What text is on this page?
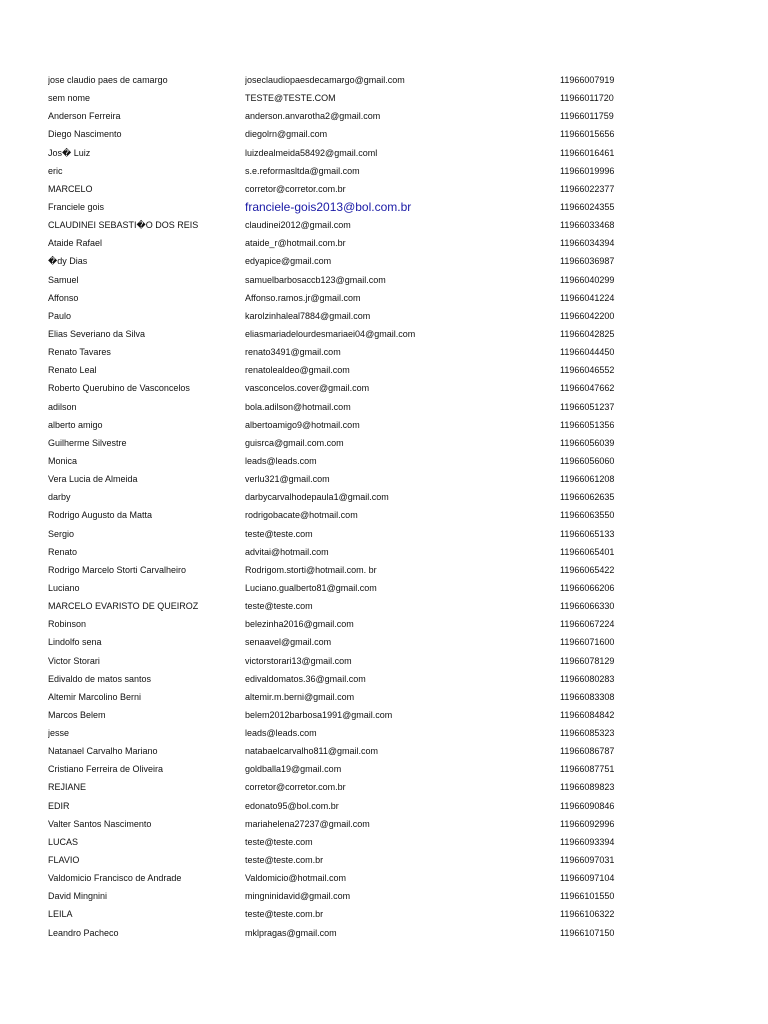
jose claudio paes de camargo	joseclaudiopaesdecamargo@gmail.com	11966007919
sem nome	TESTE@TESTE.COM	11966011720
Anderson Ferreira	anderson.anvarotha2@gmail.com	11966011759
Diego Nascimento	diegolrn@gmail.com	11966015656
Jos� Luiz	luizdealmeida58492@gmail.coml	11966016461
eric	s.e.reformasltda@gmail.com	11966019996
MARCELO	corretor@corretor.com.br	11966022377
Franciele gois	franciele-gois2013@bol.com.br	11966024355
CLAUDINEI SEBASTI�O DOS REIS	claudinei2012@gmail.com	11966033468
Ataide Rafael	ataide_r@hotmail.com.br	11966034394
�dy Dias	edyapice@gmail.com	11966036987
Samuel	samuelbarbosaccb123@gmail.com	11966040299
Affonso	Affonso.ramos.jr@gmail.com	11966041224
Paulo	karolzinhaleal7884@gmail.com	11966042200
Elias Severiano da Silva	eliasmariadelourdesmariaei04@gmail.com	11966042825
Renato Tavares	renato3491@gmail.com	11966044450
Renato Leal	renatolealdeo@gmail.com	11966046552
Roberto Querubino de Vasconcelos	vasconcelos.cover@gmail.com	11966047662
adilson	bola.adilson@hotmail.com	11966051237
alberto amigo	albertoamigo9@hotmail.com	11966051356
Guilherme Silvestre	guisrca@gmail.com.com	11966056039
Monica	leads@leads.com	11966056060
Vera Lucia de Almeida	verlu321@gmail.com	11966061208
darby	darbycarvalhodepaula1@gmail.com	11966062635
Rodrigo Augusto da Matta	rodrigobacate@hotmail.com	11966063550
Sergio	teste@teste.com	11966065133
Renato	advitai@hotmail.com	11966065401
Rodrigo Marcelo Storti Carvalheiro	Rodrigom.storti@hotmail.com. br	11966065422
Luciano	Luciano.gualberto81@gmail.com	11966066206
MARCELO EVARISTO DE QUEIROZ	teste@teste.com	11966066330
Robinson	belezinha2016@gmail.com	11966067224
Lindolfo sena	senaavel@gmail.com	11966071600
Victor Storari	victorstorari13@gmail.com	11966078129
Edivaldo de matos santos	edivaldomatos.36@gmail.com	11966080283
Altemir Marcolino Berni	altemir.m.berni@gmail.com	11966083308
Marcos Belem	belem2012barbosa1991@gmail.com	11966084842
jesse	leads@leads.com	11966085323
Natanael Carvalho Mariano	natabaelcarvalho811@gmail.com	11966086787
Cristiano Ferreira de Oliveira	goldballa19@gmail.com	11966087751
REJIANE	corretor@corretor.com.br	11966089823
EDIR	edonato95@bol.com.br	11966090846
Valter Santos Nascimento	mariahelena27237@gmail.com	11966092996
LUCAS	teste@teste.com	11966093394
FLAVIO	teste@teste.com.br	11966097031
Valdomicio Francisco de Andrade	Valdomicio@hotmail.com	11966097104
David Mingnini	mingninidavid@gmail.com	11966101550
LEILA	teste@teste.com.br	11966106322
Leandro Pacheco	mklpragas@gmail.com	11966107150
